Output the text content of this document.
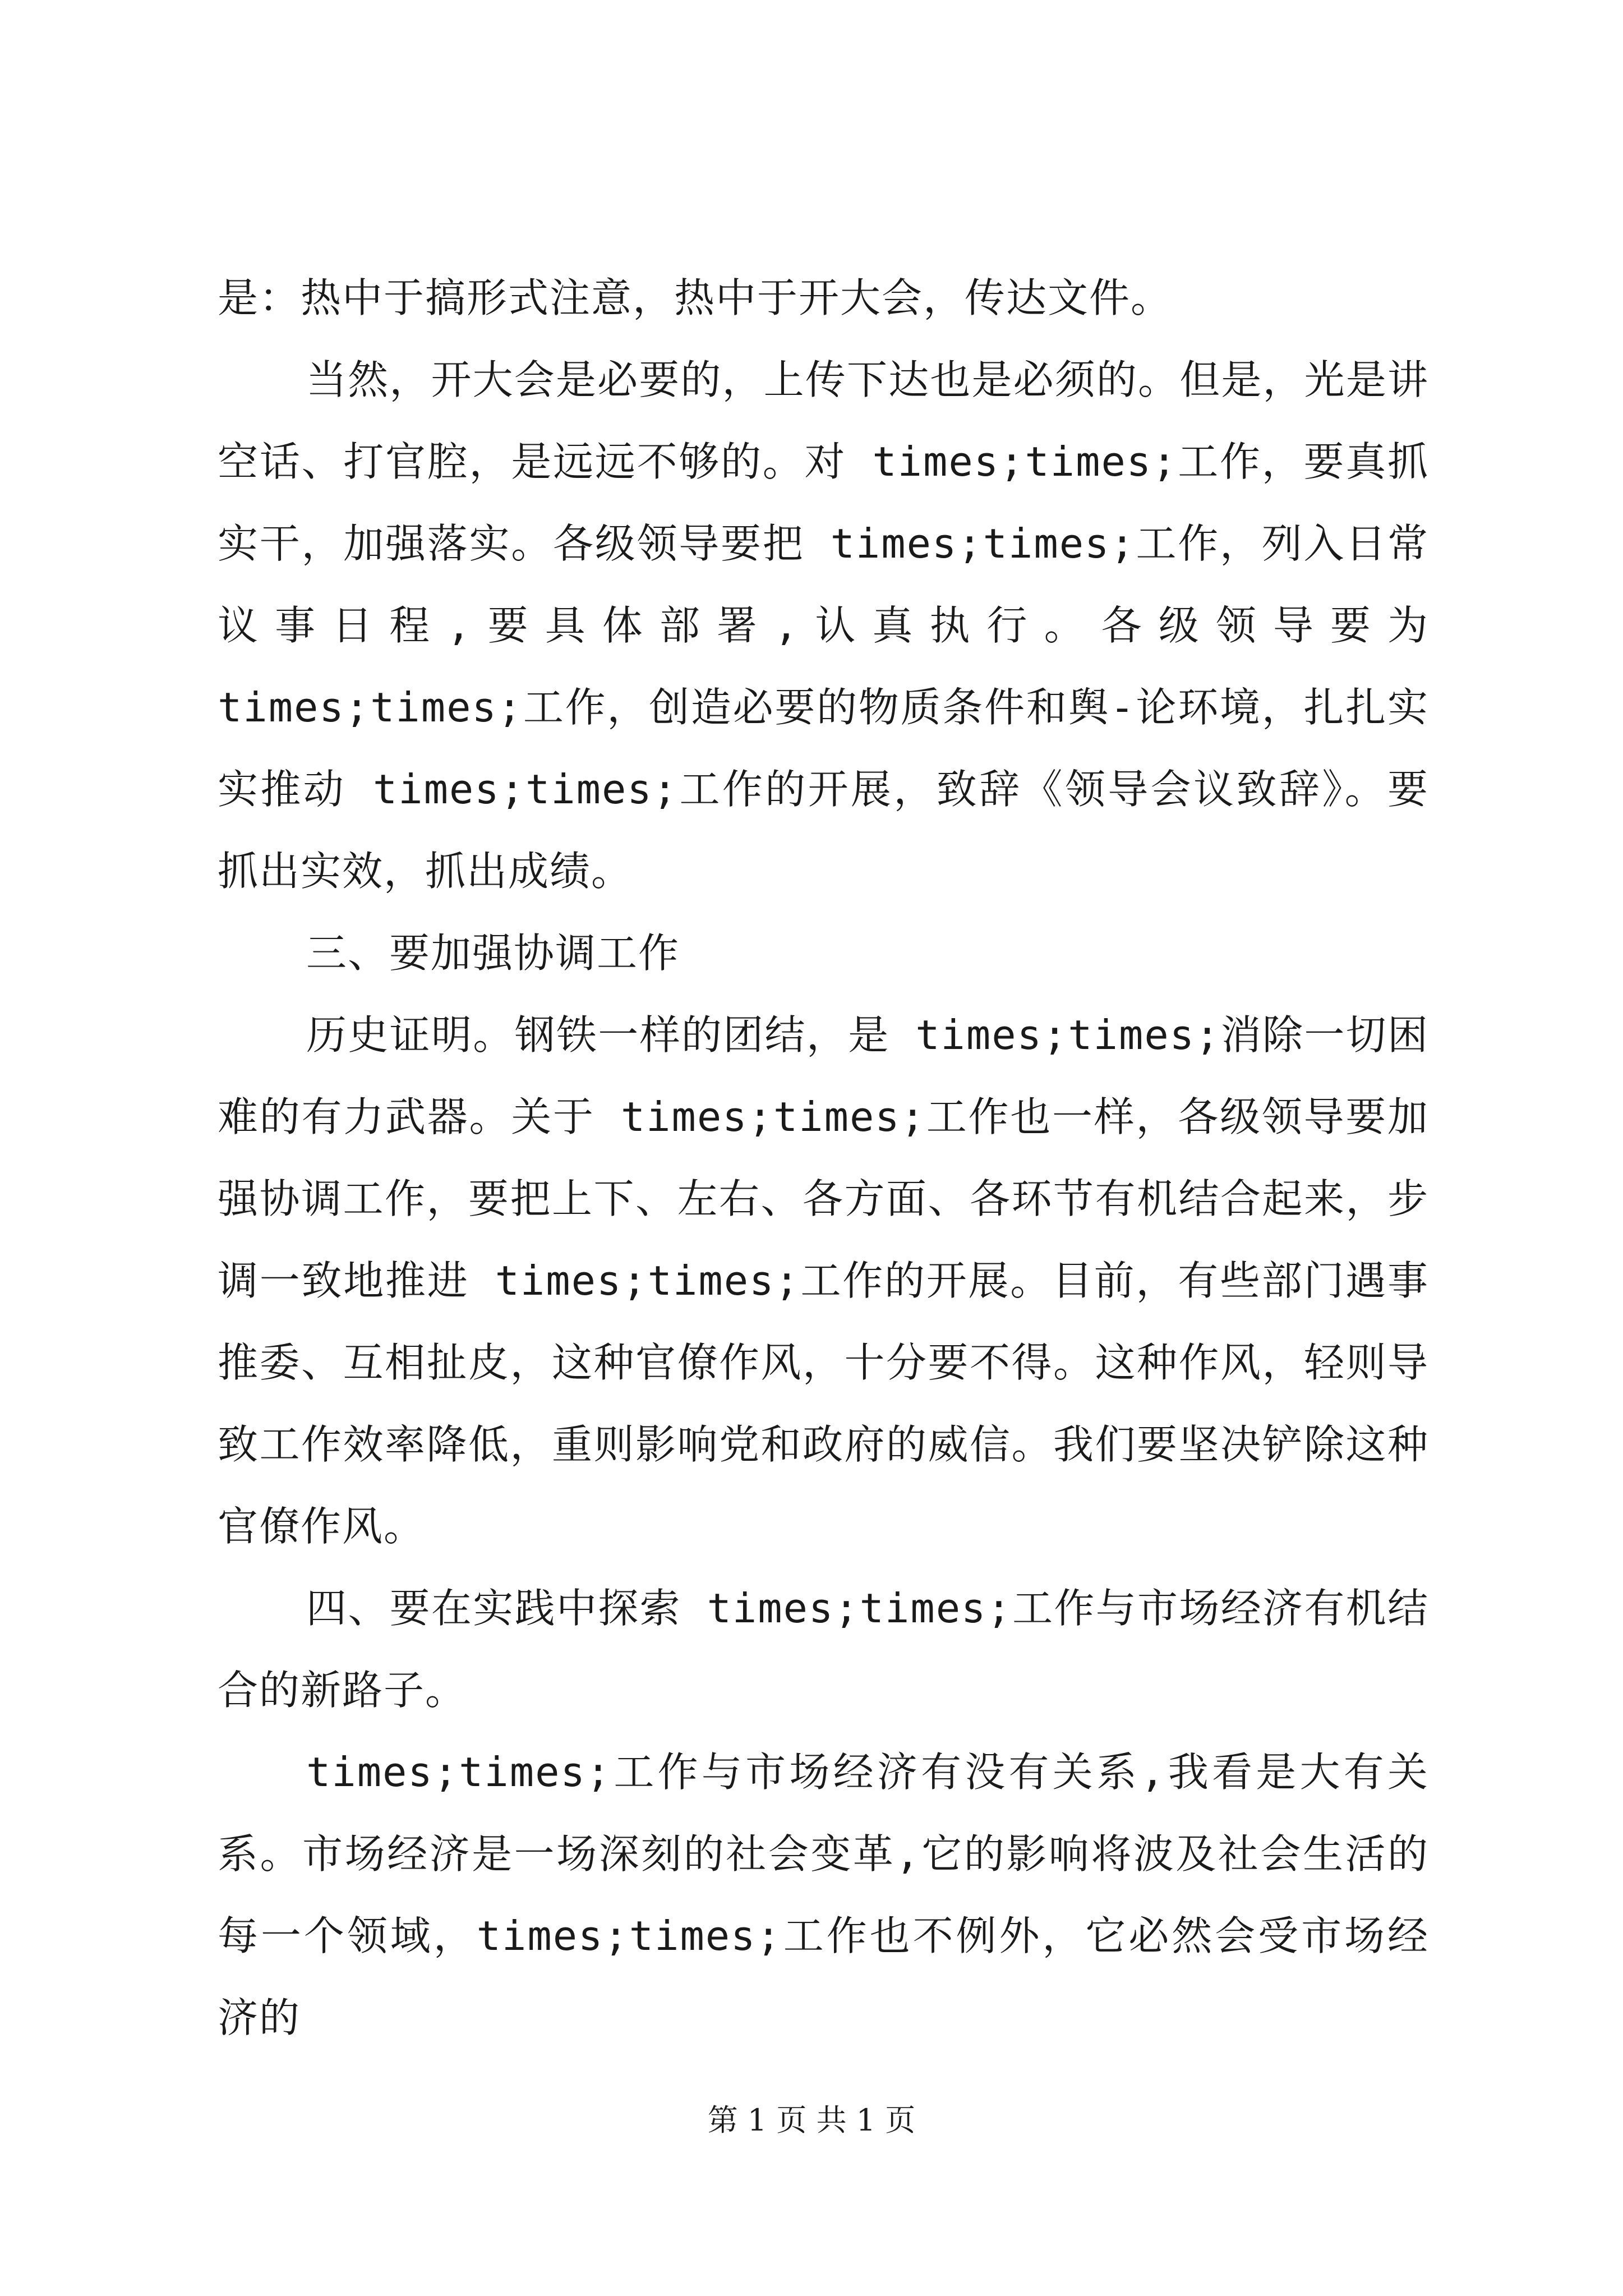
是：热中于搞形式注意，热中于开大会，传达文件。

当然，开大会是必要的，上传下达也是必须的。但是，光是讲空话、打官腔，是远远不够的。对 times;times;工作，要真抓实干，加强落实。各级领导要把 times;times;工作，列入日常议事日程,要具体部署,认真执行。各级领导要为 times;times;工作，创造必要的物质条件和舆-论环境，扎扎实实推动 times;times;工作的开展，致辞《领导会议致辞》。要抓出实效，抓出成绩。

三、要加强协调工作

历史证明。钢铁一样的团结，是 times;times;消除一切困难的有力武器。关于 times;times;工作也一样，各级领导要加强协调工作，要把上下、左右、各方面、各环节有机结合起来，步调一致地推进 times;times;工作的开展。目前，有些部门遇事推委、互相扯皮，这种官僚作风，十分要不得。这种作风，轻则导致工作效率降低，重则影响党和政府的威信。我们要坚决铲除这种官僚作风。

四、要在实践中探索 times;times;工作与市场经济有机结合的新路子。

times;times;工作与市场经济有没有关系,我看是大有关系。市场经济是一场深刻的社会变革,它的影响将波及社会生活的每一个领域，times;times;工作也不例外，它必然会受市场经济的

第 1 页 共 1 页
